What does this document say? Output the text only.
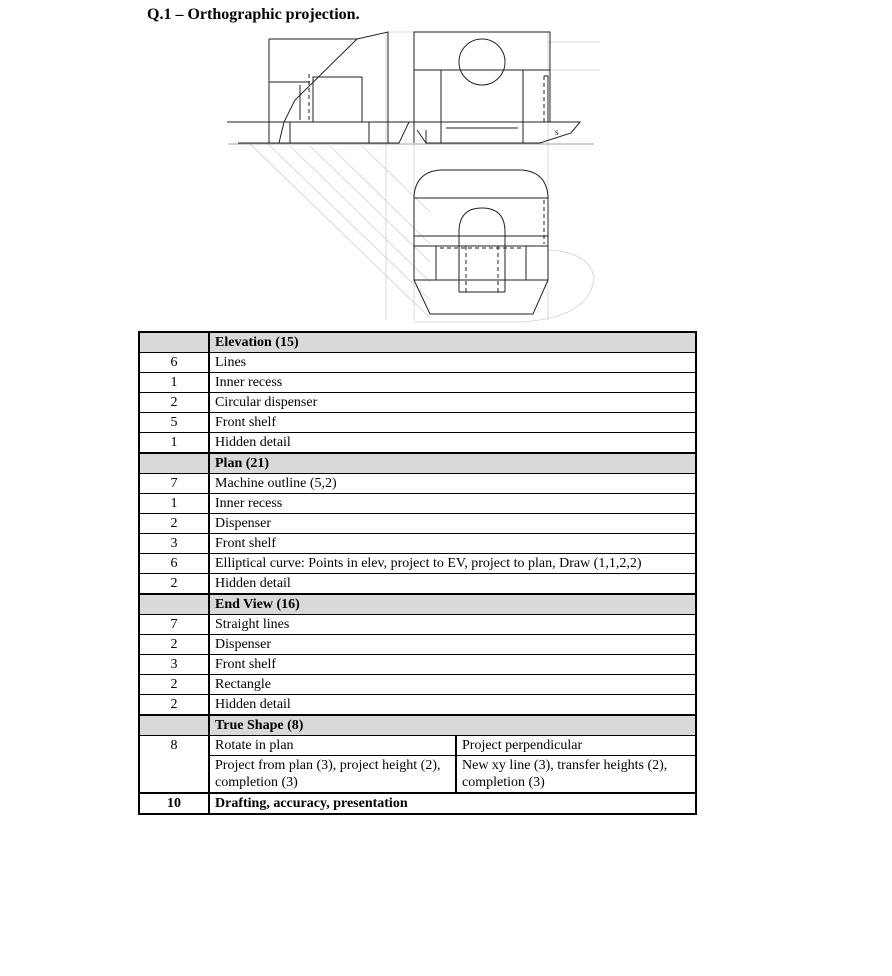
Q.1 – Orthographic projection.
s
	Elevation (15)	
6	Lines	
1	Inner recess	
2	Circular dispenser	
5	Front shelf	
1	Hidden detail	
	Plan (21)	
7	Machine outline (5,2)	
1	Inner recess	
2	Dispenser	
3	Front shelf	
6	Elliptical curve: Points in elev, project to EV, project to plan, Draw (1,1,2,2)	
2	Hidden detail	
	End View (16)	
7	Straight lines	
2	Dispenser	
3	Front shelf	
2	Rectangle	
2	Hidden detail	
	True Shape (8)	
8	Rotate in plan	Project perpendicular
	Project from plan (3), project height (2), completion (3)	New xy line (3), transfer heights (2), completion (3)
10	Drafting, accuracy, presentation	
